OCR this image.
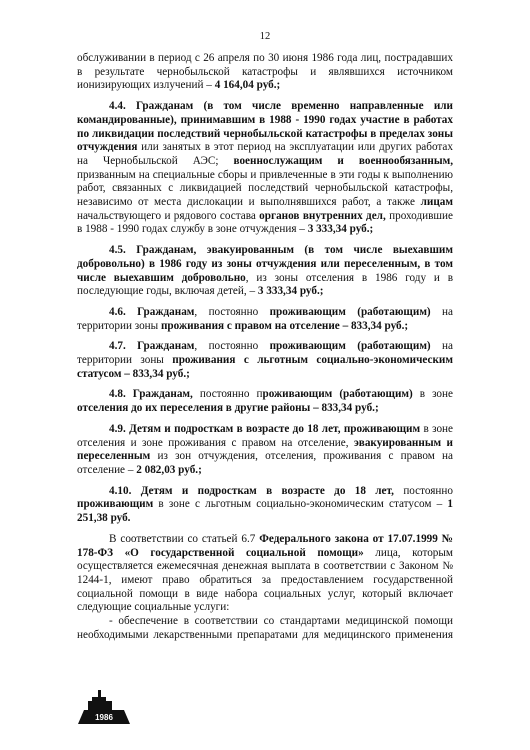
12

обслуживании в период с 26 апреля по 30 июня 1986 года лиц, пострадавших в результате чернобыльской катастрофы и являвшихся источником ионизирующих излучений – 4 164,04 руб.;

4.4. Гражданам (в том числе временно направленные или командированные), принимавшим в 1988 - 1990 годах участие в работах по ликвидации последствий чернобыльской катастрофы в пределах зоны отчуждения или занятых в этот период на эксплуатации или других работах на Чернобыльской АЭС; военнослужащим и военнообязанным, призванным на специальные сборы и привлеченные в эти годы к выполнению работ, связанных с ликвидацией последствий чернобыльской катастрофы, независимо от места дислокации и выполнявшихся работ, а также лицам начальствующего и рядового состава органов внутренних дел, проходившие в 1988 - 1990 годах службу в зоне отчуждения – 3 333,34 руб.;

4.5. Гражданам, эвакуированным (в том числе выехавшим добровольно) в 1986 году из зоны отчуждения или переселенным, в том числе выехавшим добровольно, из зоны отселения в 1986 году и в последующие годы, включая детей, – 3 333,34 руб.;

4.6. Гражданам, постоянно проживающим (работающим) на территории зоны проживания с правом на отселение – 833,34 руб.;

4.7. Гражданам, постоянно проживающим (работающим) на территории зоны проживания с льготным социально-экономическим статусом – 833,34 руб.;

4.8. Гражданам, постоянно проживающим (работающим) в зоне отселения до их переселения в другие районы – 833,34 руб.;

4.9. Детям и подросткам в возрасте до 18 лет, проживающим в зоне отселения и зоне проживания с правом на отселение, эвакуированным и переселенным из зон отчуждения, отселения, проживания с правом на отселение – 2 082,03 руб.;

4.10. Детям и подросткам в возрасте до 18 лет, постоянно проживающим в зоне с льготным социально-экономическим статусом – 1 251,38 руб.

В соответствии со статьей 6.7 Федерального закона от 17.07.1999 № 178-ФЗ «О государственной социальной помощи» лица, которым осуществляется ежемесячная денежная выплата в соответствии с Законом № 1244-1, имеют право обратиться за предоставлением государственной социальной помощи в виде набора социальных услуг, который включает следующие социальные услуги:

- обеспечение в соответствии со стандартами медицинской помощи необходимыми лекарственными препаратами для медицинского применения

1986
